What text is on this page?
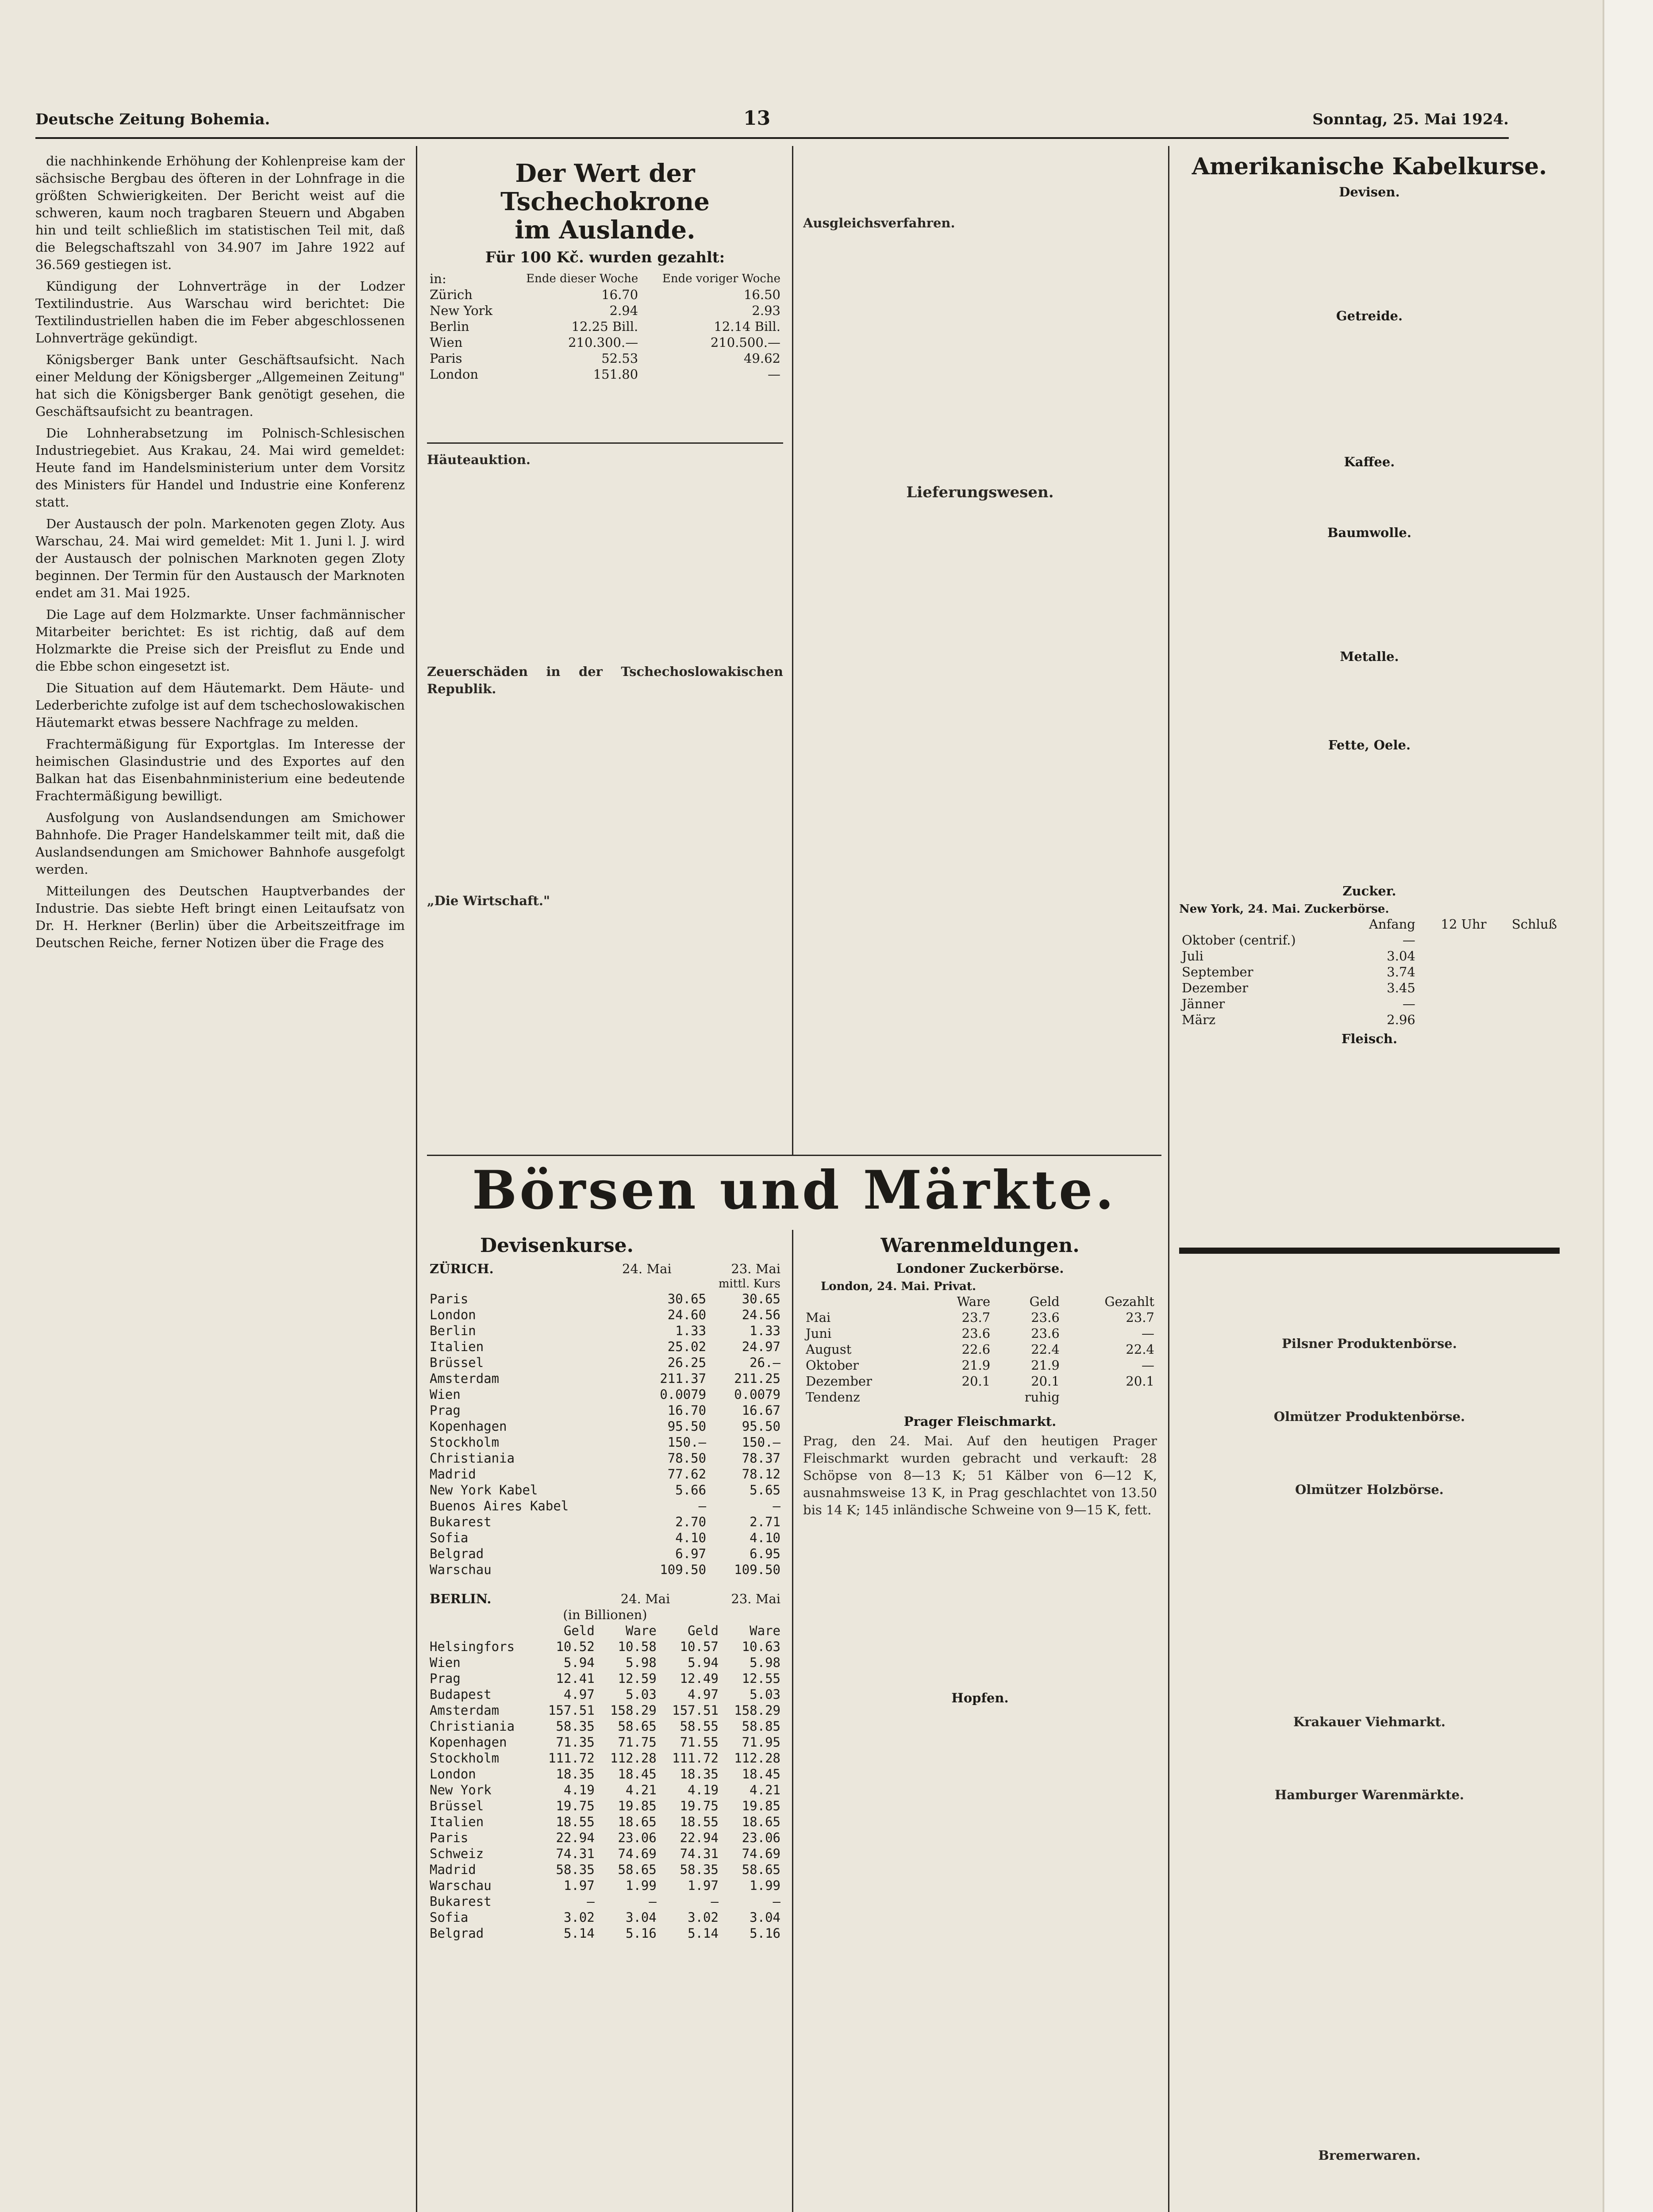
Deutsche Zeitung Bohemia.	13	Sonntag, 25. Mai 1924.

die nachhinkende Erhöhung der Kohlenpreise kam der sächsische Bergbau des öfteren in der Lohnfrage in die größten Schwierigkeiten. Der Bericht weist auf die schweren, kaum noch tragbaren Steuern und Abgaben hin und teilt schließlich im statistischen Teil mit, daß die Belegschaftszahl von 34.907 im Jahre 1922 auf 36.569 gestiegen ist.

Kündigung der Lohnverträge in der Lodzer Textilindustrie. Aus Warschau wird berichtet: Die Textilindustriellen haben die im Feber abgeschlossenen Lohnverträge gekündigt.

Königsberger Bank unter Geschäftsaufsicht. Nach einer Meldung der Königsberger „Allgemeinen Zeitung" hat sich die Königsberger Bank genötigt gesehen, die Geschäftsaufsicht zu beantragen.

Die Lohnherabsetzung im Polnisch-Schlesischen Industriegebiet. Aus Krakau, 24. Mai wird gemeldet: Heute fand im Handelsministerium unter dem Vorsitz des Ministers für Handel und Industrie eine Konferenz statt.

Der Austausch der poln. Markenoten gegen Zloty. Aus Warschau, 24. Mai wird gemeldet: Mit 1. Juni l. J. wird der Austausch der polnischen Marknoten gegen Zloty beginnen. Der Termin für den Austausch der Marknoten endet am 31. Mai 1925.

Die Lage auf dem Holzmarkte. Unser fachmännischer Mitarbeiter berichtet: Es ist richtig, daß auf dem Holzmarkte die Preise sich der Preisflut zu Ende und die Ebbe schon eingesetzt ist.

Die Situation auf dem Häutemarkt. Dem Häute- und Lederberichte zufolge ist auf dem tschechoslowakischen Häutemarkt etwas bessere Nachfrage zu melden.

Frachtermäßigung für Exportglas. Im Interesse der heimischen Glasindustrie und des Exportes auf den Balkan hat das Eisenbahnministerium eine bedeutende Frachtermäßigung bewilligt.

Ausfolgung von Auslandsendungen am Smichower Bahnhofe. Die Prager Handelskammer teilt mit, daß die Auslandsendungen am Smichower Bahnhofe ausgefolgt werden.

Mitteilungen des Deutschen Hauptverbandes der Industrie. Das siebte Heft bringt einen Leitaufsatz von Dr. H. Herkner (Berlin) über die Arbeitszeitfrage im Deutschen Reiche, ferner Notizen über die Frage des

Der Wert der Tschechokrone
im Auslande.
Für 100 Kč. wurden gezahlt:
in:	Ende dieser Woche	Ende voriger Woche
Zürich	16.70	16.50
New York	2.94	2.93
Berlin	12.25 Bill.	12.14 Bill.
Wien	210.300.—	210.500.—
Paris	52.53	49.62
London	151.80	—
Häuteauktion.
Zeuerschäden in der Tschechoslowakischen Republik.
„Die Wirtschaft."
Ausgleichsverfahren.
Lieferungswesen.
Börsen und Märkte.
Devisenkurse.
ZÜRICH.	24. Mai	23. Mai
	mittl. Kurs	
Paris	30.65	30.65
London	24.60	24.56
Berlin	1.33	1.33
Italien	25.02	24.97
Brüssel	26.25	26.—
Amsterdam	211.37	211.25
Wien	0.0079	0.0079
Prag	16.70	16.67
Kopenhagen	95.50	95.50
Stockholm	150.—	150.—
Christiania	78.50	78.37
Madrid	77.62	78.12
New York Kabel	5.66	5.65
Buenos Aires Kabel	—	—
Bukarest	2.70	2.71
Sofia	4.10	4.10
Belgrad	6.97	6.95
Warschau	109.50	109.50
BERLIN.	24. Mai	23. Mai
(in Billionen)
	Geld	Ware	Geld	Ware
Helsingfors	10.52	10.58	10.57	10.63
Wien	5.94	5.98	5.94	5.98
Prag	12.41	12.59	12.49	12.55
Budapest	4.97	5.03	4.97	5.03
Amsterdam	157.51	158.29	157.51	158.29
Christiania	58.35	58.65	58.55	58.85
Kopenhagen	71.35	71.75	71.55	71.95
Stockholm	111.72	112.28	111.72	112.28
London	18.35	18.45	18.35	18.45
New York	4.19	4.21	4.19	4.21
Brüssel	19.75	19.85	19.75	19.85
Italien	18.55	18.65	18.55	18.65
Paris	22.94	23.06	22.94	23.06
Schweiz	74.31	74.69	74.31	74.69
Madrid	58.35	58.65	58.35	58.65
Warschau	1.97	1.99	1.97	1.99
Bukarest	—	—	—	—
Sofia	3.02	3.04	3.02	3.04
Belgrad	5.14	5.16	5.14	5.16
Warenmeldungen.
Londoner Zuckerbörse.
London, 24. Mai. Privat.
	Ware	Geld	Gezahlt
Mai	23.7	23.6	23.7
Juni	23.6	23.6	—
August	22.6	22.4	22.4
Oktober	21.9	21.9	—
Dezember	20.1	20.1	20.1
Tendenz		ruhig	
Prager Fleischmarkt.
Prag, den 24. Mai. Auf den heutigen Prager Fleischmarkt wurden gebracht und verkauft: 28 Schöpse von 8—13 K; 51 Kälber von 6—12 K, ausnahmsweise 13 K, in Prag geschlachtet von 13.50 bis 14 K; 145 inländische Schweine von 9—15 K, fett.
Hopfen.
Amerikanische Kabelkurse.
Devisen.
Getreide.
Kaffee.
Baumwolle.
Metalle.
Fette, Oele.
Zucker.
New York, 24. Mai. Zuckerbörse.
	Anfang	12 Uhr	Schluß
Oktober (centrif.)	—		
Juli	3.04		
September	3.74		
Dezember	3.45		
Jänner	—		
März	2.96		
Fleisch.
Pilsner Produktenbörse.
Olmützer Produktenbörse.
Olmützer Holzbörse.
Krakauer Viehmarkt.
Hamburger Warenmärkte.
Bremerwaren.
